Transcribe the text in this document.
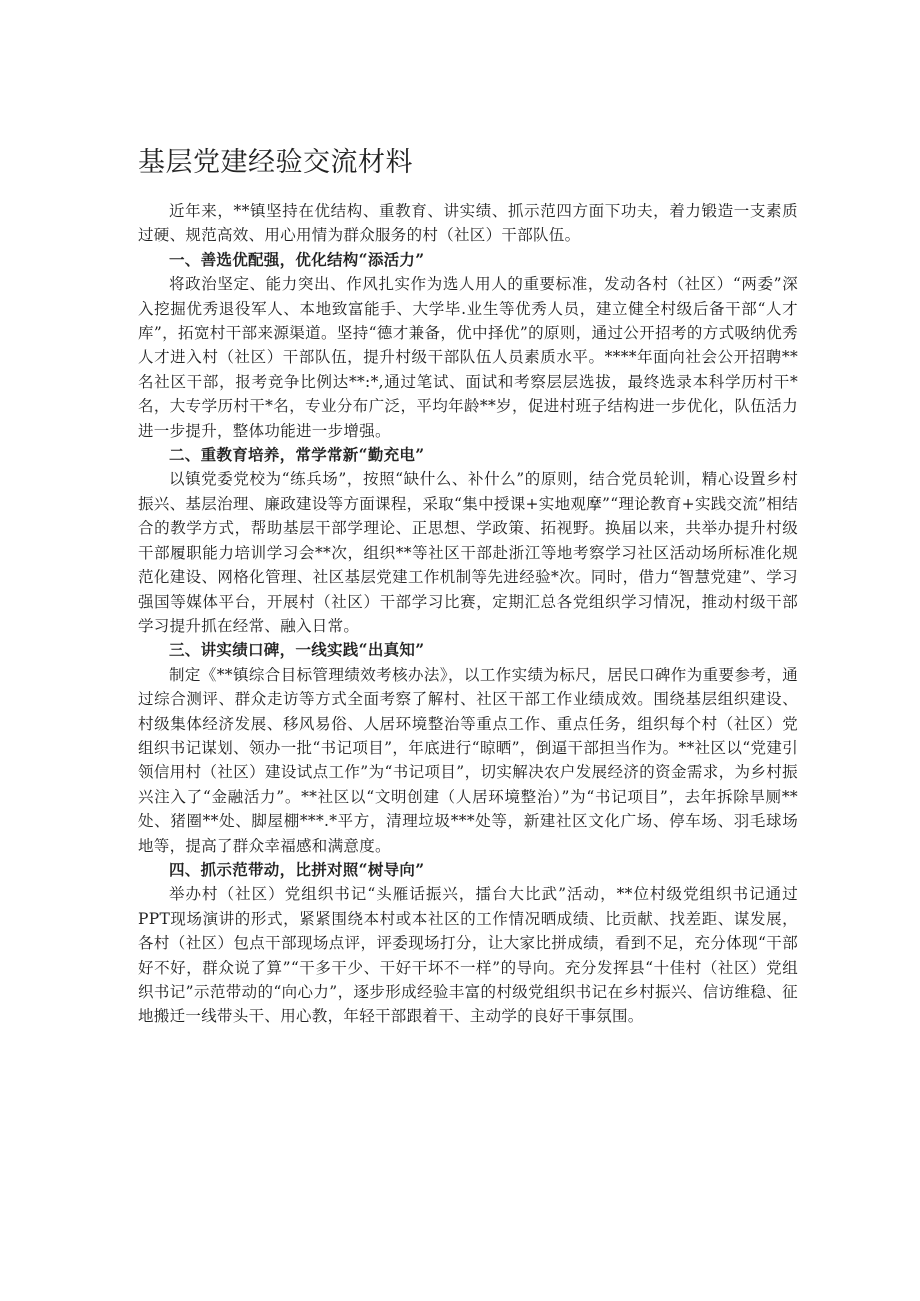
基层党建经验交流材料

近年来，**镇坚持在优结构、重教育、讲实绩、抓示范四方面下功夫，着力锻造一支素质过硬、规范高效、用心用情为群众服务的村（社区）干部队伍。

一、善选优配强，优化结构“添活力”

将政治坚定、能力突出、作风扎实作为选人用人的重要标准，发动各村（社区）“两委”深入挖掘优秀退役军人、本地致富能手、大学毕.业生等优秀人员，建立健全村级后备干部“人才库”，拓宽村干部来源渠道。坚持“德才兼备，优中择优”的原则，通过公开招考的方式吸纳优秀人才进入村（社区）干部队伍，提升村级干部队伍人员素质水平。****年面向社会公开招聘**名社区干部，报考竞争比例达**:*,通过笔试、面试和考察层层选拔，最终选录本科学历村干*名，大专学历村干*名，专业分布广泛，平均年龄**岁，促进村班子结构进一步优化，队伍活力进一步提升，整体功能进一步增强。

二、重教育培养，常学常新“勤充电”

以镇党委党校为“练兵场”，按照“缺什么、补什么”的原则，结合党员轮训，精心设置乡村振兴、基层治理、廉政建设等方面课程，采取“集中授课+实地观摩”“理论教育+实践交流”相结合的教学方式，帮助基层干部学理论、正思想、学政策、拓视野。换届以来，共举办提升村级干部履职能力培训学习会**次，组织**等社区干部赴浙江等地考察学习社区活动场所标准化规范化建设、网格化管理、社区基层党建工作机制等先进经验*次。同时，借力“智慧党建”、学习强国等媒体平台，开展村（社区）干部学习比赛，定期汇总各党组织学习情况，推动村级干部学习提升抓在经常、融入日常。

三、讲实绩口碑，一线实践“出真知”

制定《**镇综合目标管理绩效考核办法》，以工作实绩为标尺，居民口碑作为重要参考，通过综合测评、群众走访等方式全面考察了解村、社区干部工作业绩成效。围绕基层组织建设、村级集体经济发展、移风易俗、人居环境整治等重点工作、重点任务，组织每个村（社区）党组织书记谋划、领办一批“书记项目”，年底进行“晾晒”，倒逼干部担当作为。**社区以“党建引领信用村（社区）建设试点工作”为“书记项目”，切实解决农户发展经济的资金需求，为乡村振兴注入了“金融活力”。**社区以“文明创建（人居环境整治）”为“书记项目”，去年拆除旱厕**处、猪圈**处、脚屋棚***.*平方，清理垃圾***处等，新建社区文化广场、停车场、羽毛球场地等，提高了群众幸福感和满意度。

四、抓示范带动，比拼对照“树导向”

举办村（社区）党组织书记“头雁话振兴，擂台大比武”活动，**位村级党组织书记通过PPT现场演讲的形式，紧紧围绕本村或本社区的工作情况晒成绩、比贡献、找差距、谋发展，各村（社区）包点干部现场点评，评委现场打分，让大家比拼成绩，看到不足，充分体现“干部好不好，群众说了算”“干多干少、干好干坏不一样”的导向。充分发挥县“十佳村（社区）党组织书记”示范带动的“向心力”，逐步形成经验丰富的村级党组织书记在乡村振兴、信访维稳、征地搬迁一线带头干、用心教，年轻干部跟着干、主动学的良好干事氛围。
